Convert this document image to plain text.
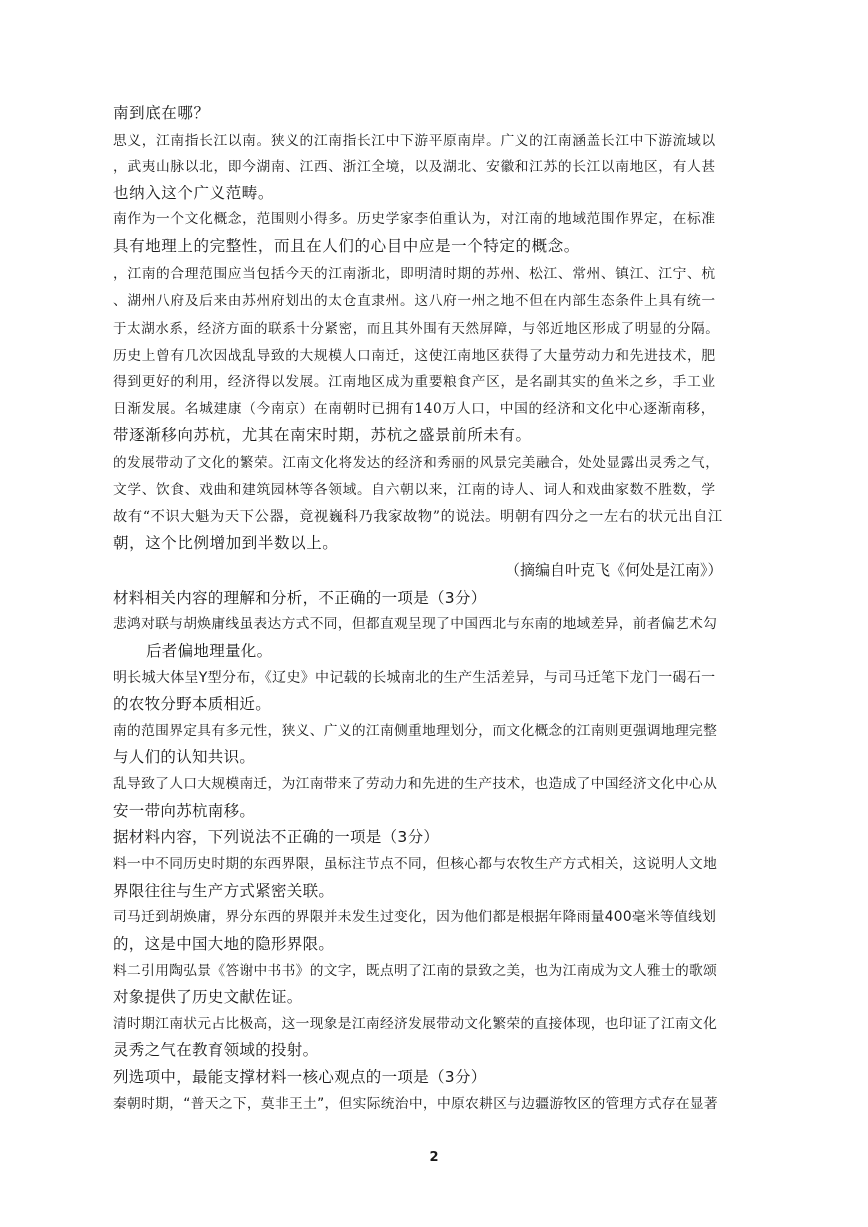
南到底在哪？
思义，江南指长江以南。狭义的江南指长江中下游平原南岸。广义的江南涵盖长江中下游流域以
，武夷山脉以北，即今湖南、江西、浙江全境，以及湖北、安徽和江苏的长江以南地区，有人甚
也纳入这个广义范畴。
南作为一个文化概念，范围则小得多。历史学家李伯重认为，对江南的地域范围作界定，在标准
具有地理上的完整性，而且在人们的心目中应是一个特定的概念。
，江南的合理范围应当包括今天的江南浙北，即明清时期的苏州、松江、常州、镇江、江宁、杭
、湖州八府及后来由苏州府划出的太仓直隶州。这八府一州之地不但在内部生态条件上具有统一
于太湖水系，经济方面的联系十分紧密，而且其外围有天然屏障，与邻近地区形成了明显的分隔。
历史上曾有几次因战乱导致的大规模人口南迁，这使江南地区获得了大量劳动力和先进技术，肥
得到更好的利用，经济得以发展。江南地区成为重要粮食产区，是名副其实的鱼米之乡，手工业
日渐发展。名城建康（今南京）在南朝时已拥有140万人口，中国的经济和文化中心逐渐南移，
带逐渐移向苏杭，尤其在南宋时期，苏杭之盛景前所未有。
的发展带动了文化的繁荣。江南文化将发达的经济和秀丽的风景完美融合，处处显露出灵秀之气，
文学、饮食、戏曲和建筑园林等各领域。自六朝以来，江南的诗人、词人和戏曲家数不胜数，学
故有“不识大魁为天下公器，竟视巍科乃我家故物”的说法。明朝有四分之一左右的状元出自江
朝，这个比例增加到半数以上。
（摘编自叶克飞《何处是江南》）
材料相关内容的理解和分析，不正确的一项是（3分）
悲鸿对联与胡焕庸线虽表达方式不同，但都直观呈现了中国西北与东南的地域差异，前者偏艺术勾
后者偏地理量化。
明长城大体呈Y型分布，《辽史》中记载的长城南北的生产生活差异，与司马迁笔下龙门一碣石一
的农牧分野本质相近。
南的范围界定具有多元性，狭义、广义的江南侧重地理划分，而文化概念的江南则更强调地理完整
与人们的认知共识。
乱导致了人口大规模南迁，为江南带来了劳动力和先进的生产技术，也造成了中国经济文化中心从
安一带向苏杭南移。
据材料内容，下列说法不正确的一项是（3分）
料一中不同历史时期的东西界限，虽标注节点不同，但核心都与农牧生产方式相关，这说明人文地
界限往往与生产方式紧密关联。
司马迁到胡焕庸，界分东西的界限并未发生过变化，因为他们都是根据年降雨量400毫米等值线划
的，这是中国大地的隐形界限。
料二引用陶弘景《答谢中书书》的文字，既点明了江南的景致之美，也为江南成为文人雅士的歌颂
对象提供了历史文献佐证。
清时期江南状元占比极高，这一现象是江南经济发展带动文化繁荣的直接体现，也印证了江南文化
灵秀之气在教育领域的投射。
列选项中，最能支撑材料一核心观点的一项是（3分）
秦朝时期，“普天之下，莫非王土”，但实际统治中，中原农耕区与边疆游牧区的管理方式存在显著
2
